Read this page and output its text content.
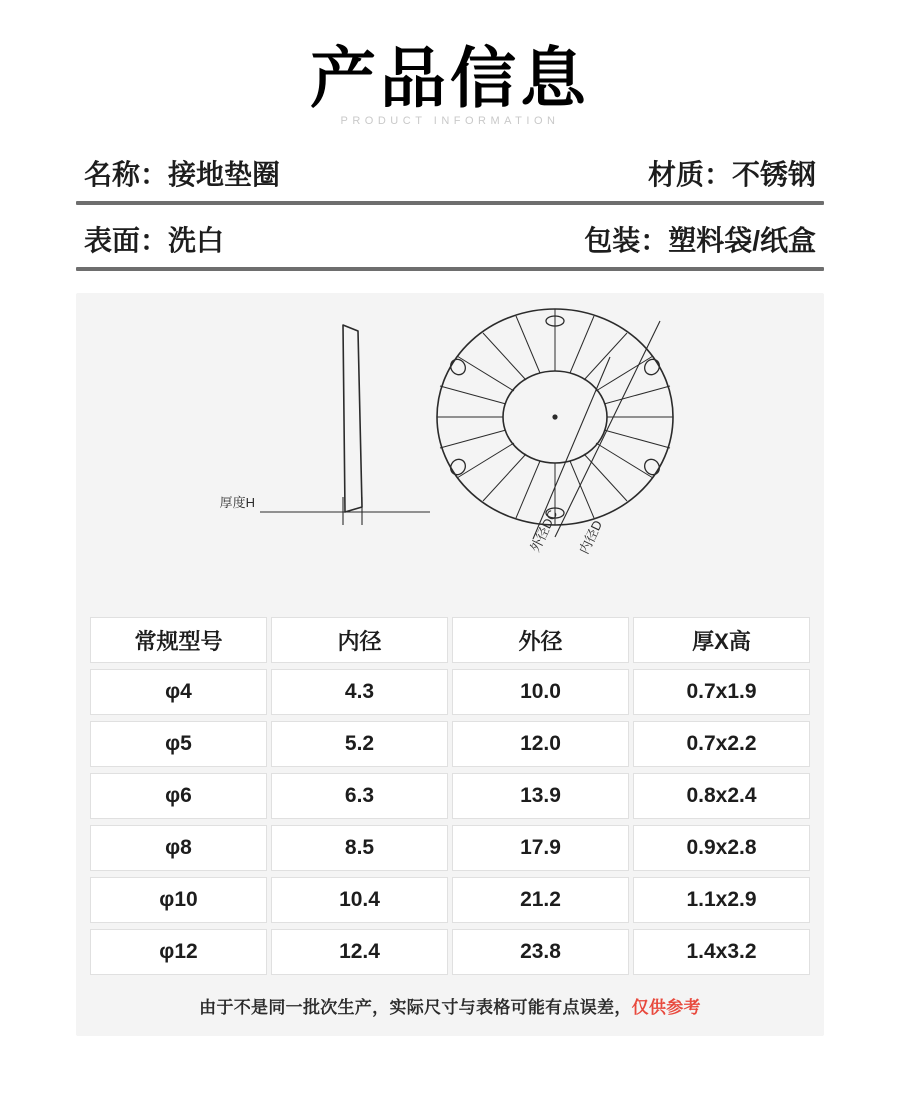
产品信息
PRODUCT INFORMATION
名称：接地垫圈	材质：不锈钢
表面：洗白	包装：塑料袋/纸盒
厚度H
外径DC 内径D
常规型号	内径	外径	厚X高
φ4	4.3	10.0	0.7x1.9
φ5	5.2	12.0	0.7x2.2
φ6	6.3	13.9	0.8x2.4
φ8	8.5	17.9	0.9x2.8
φ10	10.4	21.2	1.1x2.9
φ12	12.4	23.8	1.4x3.2
由于不是同一批次生产，实际尺寸与表格可能有点误差，仅供参考
